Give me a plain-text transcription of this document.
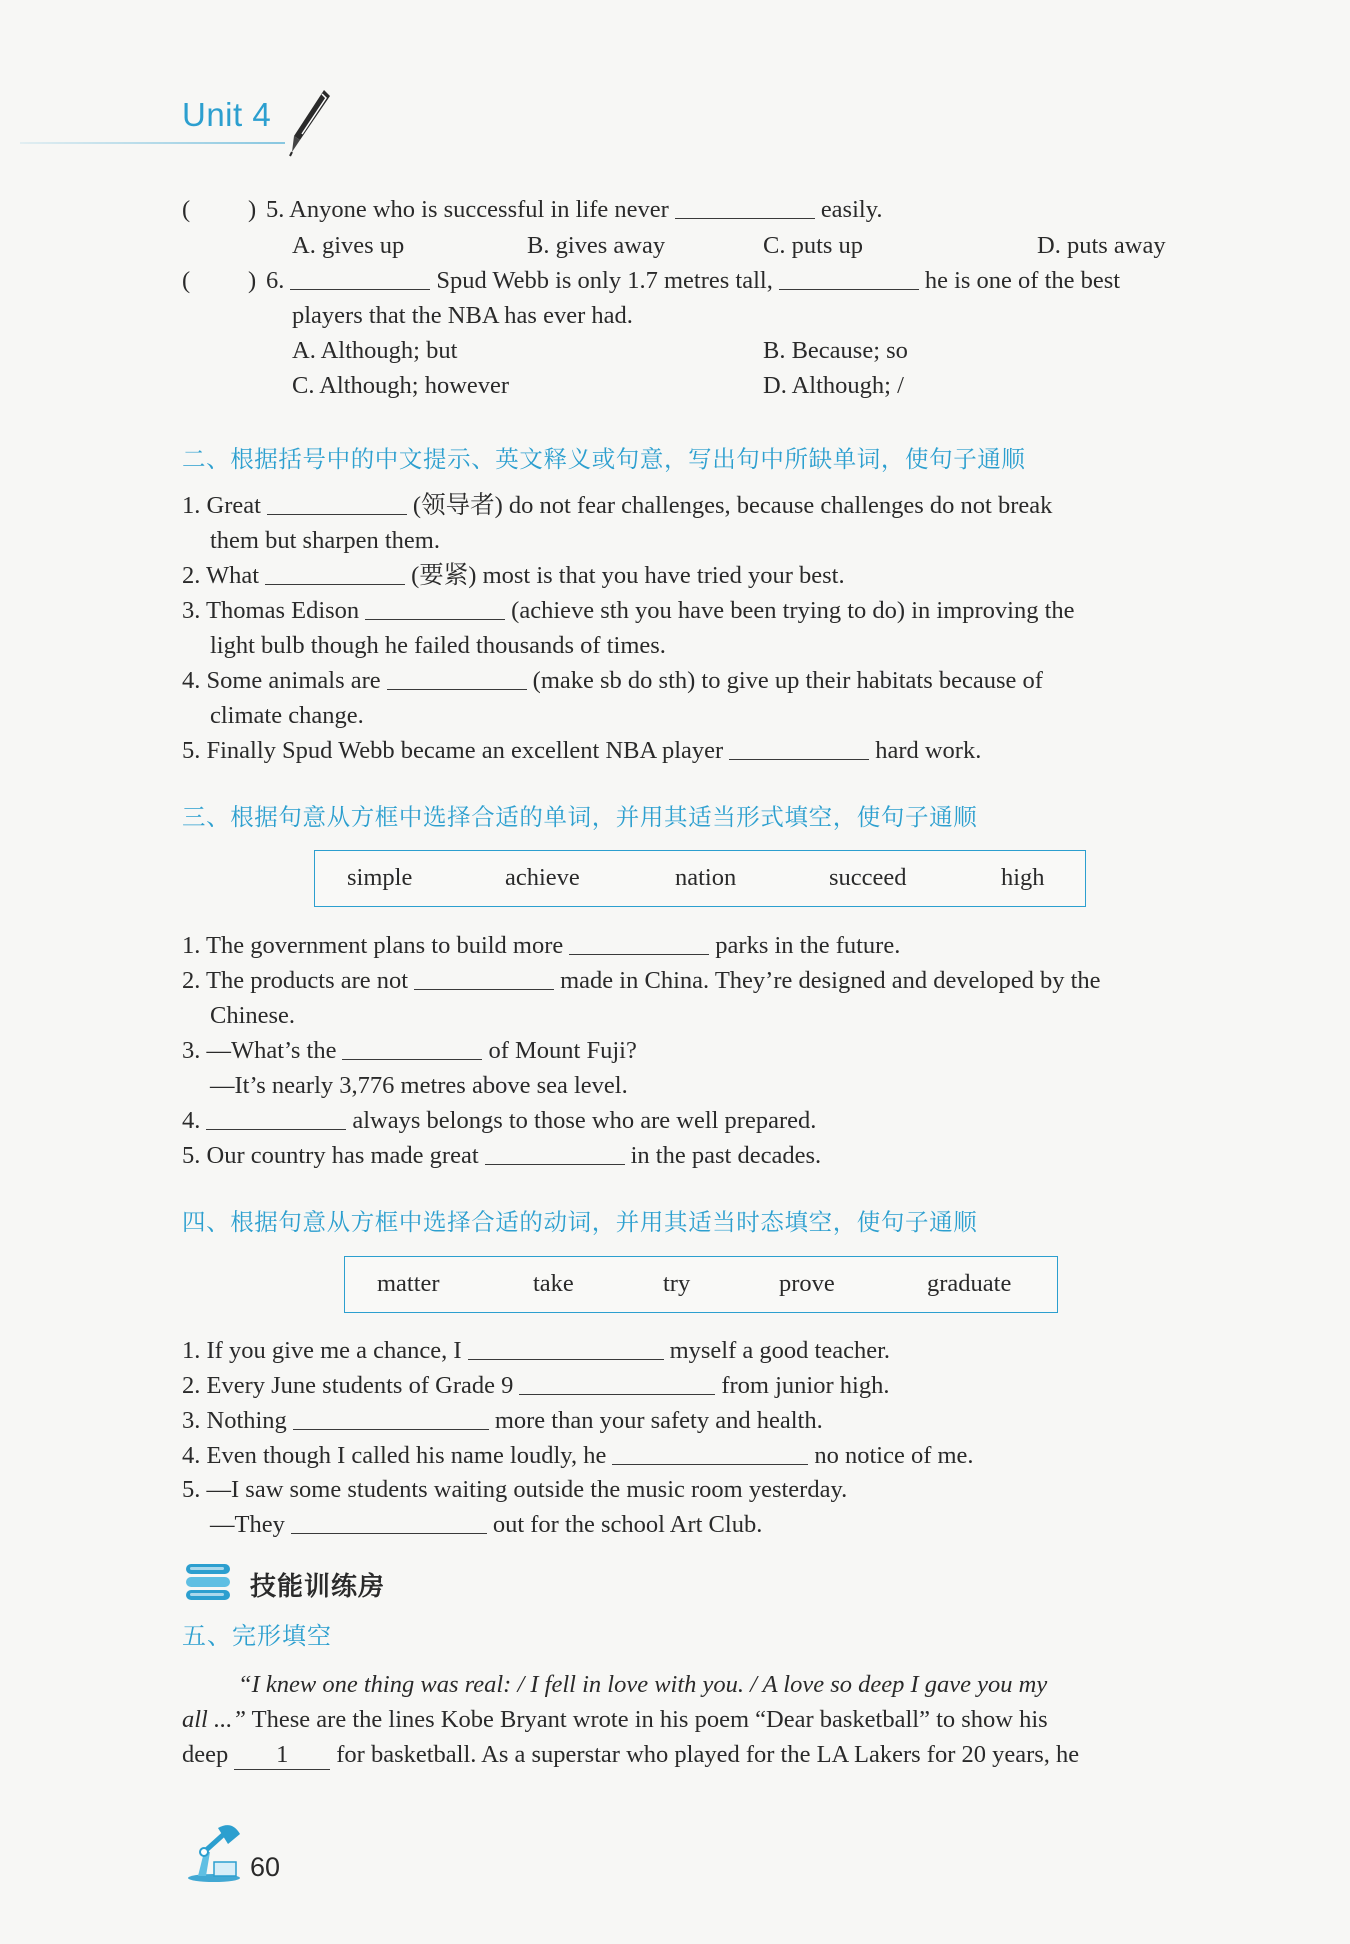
Unit 4
( ) 5. Anyone who is successful in life never	easily.
A. gives up	B. gives away	C. puts up	D. puts away
( ) 6.	Spud Webb is only 1.7 metres tall,	he is one of the best
players that the NBA has ever had.
A. Although; but	B. Because; so
C. Although; however	D. Although; /
1. Great	(领导者) do not fear challenges, because challenges do not break
them but sharpen them.
2. What	(要紧) most is that you have tried your best.
3. Thomas Edison	(achieve sth you have been trying to do) in improving the
light bulb though he failed thousands of times.
4. Some animals are	(make sb do sth) to give up their habitats because of
climate change.
5. Finally Spud Webb became an excellent NBA player	hard work.
1. The government plans to build more	parks in the future.
2. The products are not	made in China. They’re designed and developed by the
Chinese.
3. —What’s the	of Mount Fuji?
—It’s nearly 3,776 metres above sea level.
4.	always belongs to those who are well prepared.
5. Our country has made great	in the past decades.
1. If you give me a chance, I	myself a good teacher.
2. Every June students of Grade 9	from junior high.
3. Nothing	more than your safety and health.
4. Even though I called his name loudly, he	no notice of me.
5. —I saw some students waiting outside the music room yesterday.
—They	out for the school Art Club.
“I knew one thing was real: / I fell in love with you. / A love so deep I gave you my
all ...” These are the lines Kobe Bryant wrote in his poem “Dear basketball” to show his
deep 1 for basketball. As a superstar who played for the LA Lakers for 20 years, he
二、根据括号中的中文提示、英文释义或句意，写出句中所缺单词，使句子通顺
三、根据句意从方框中选择合适的单词，并用其适当形式填空，使句子通顺
四、根据句意从方框中选择合适的动词，并用其适当时态填空，使句子通顺
simple	achieve	nation	succeed	high
matter	take	try	prove	graduate
技能训练房
五、完形填空
60
